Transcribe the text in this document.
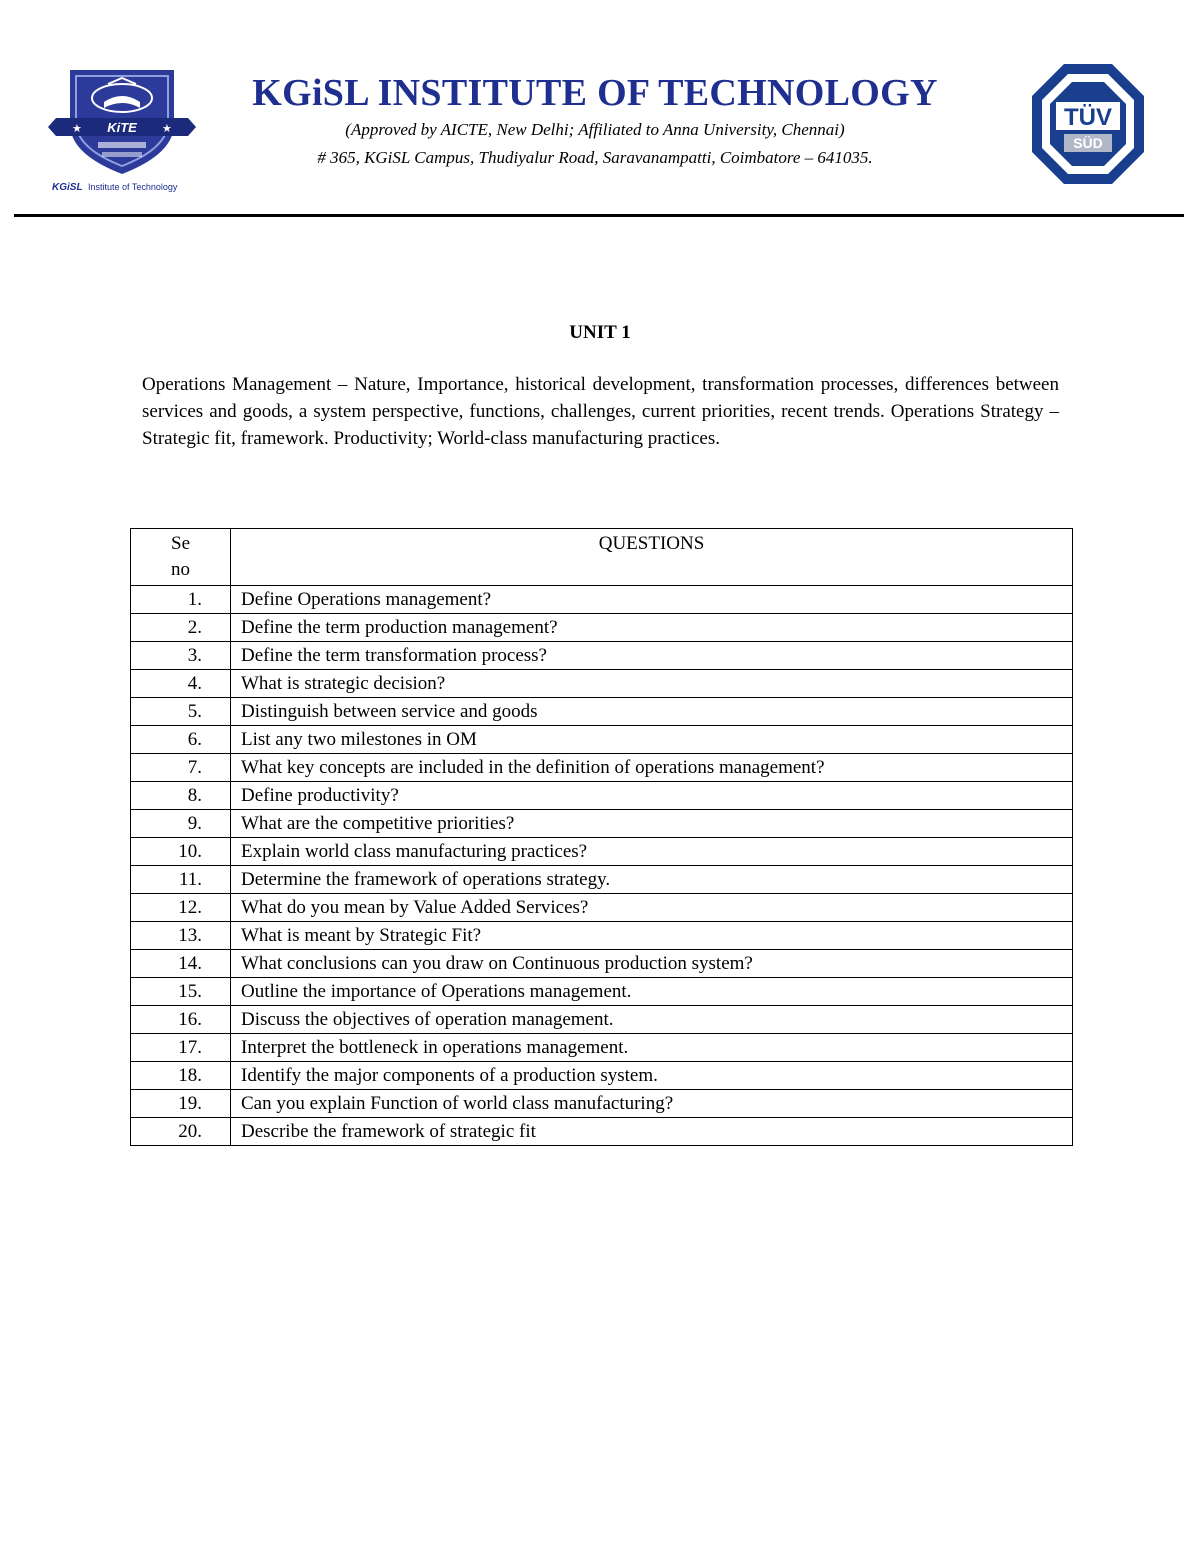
KiTE
★	★
KGiSL Institute of Technology
KGiSL INSTITUTE OF TECHNOLOGY
(Approved by AICTE, New Delhi; Affiliated to Anna University, Chennai)
# 365, KGiSL Campus, Thudiyalur Road, Saravanampatti, Coimbatore – 641035.
TÜV
SÜD
UNIT 1
Operations Management – Nature, Importance, historical development, transformation processes, differences between services and goods, a system perspective, functions, challenges, current priorities, recent trends. Operations Strategy – Strategic fit, framework. Productivity; World-class manufacturing practices.
Se
no	QUESTIONS
1.	Define Operations management?
2.	Define the term production management?
3.	Define the term transformation process?
4.	What is strategic decision?
5.	Distinguish between service and goods
6.	List any two milestones in OM
7.	What key concepts are included in the definition of operations management?
8.	Define productivity?
9.	What are the competitive priorities?
10.	Explain world class manufacturing practices?
11.	Determine the framework of operations strategy.
12.	What do you mean by Value Added Services?
13.	What is meant by Strategic Fit?
14.	What conclusions can you draw on Continuous production system?
15.	Outline the importance of Operations management.
16.	Discuss the objectives of operation management.
17.	Interpret the bottleneck in operations management.
18.	Identify the major components of a production system.
19.	Can you explain Function of world class manufacturing?
20.	Describe the framework of strategic fit
